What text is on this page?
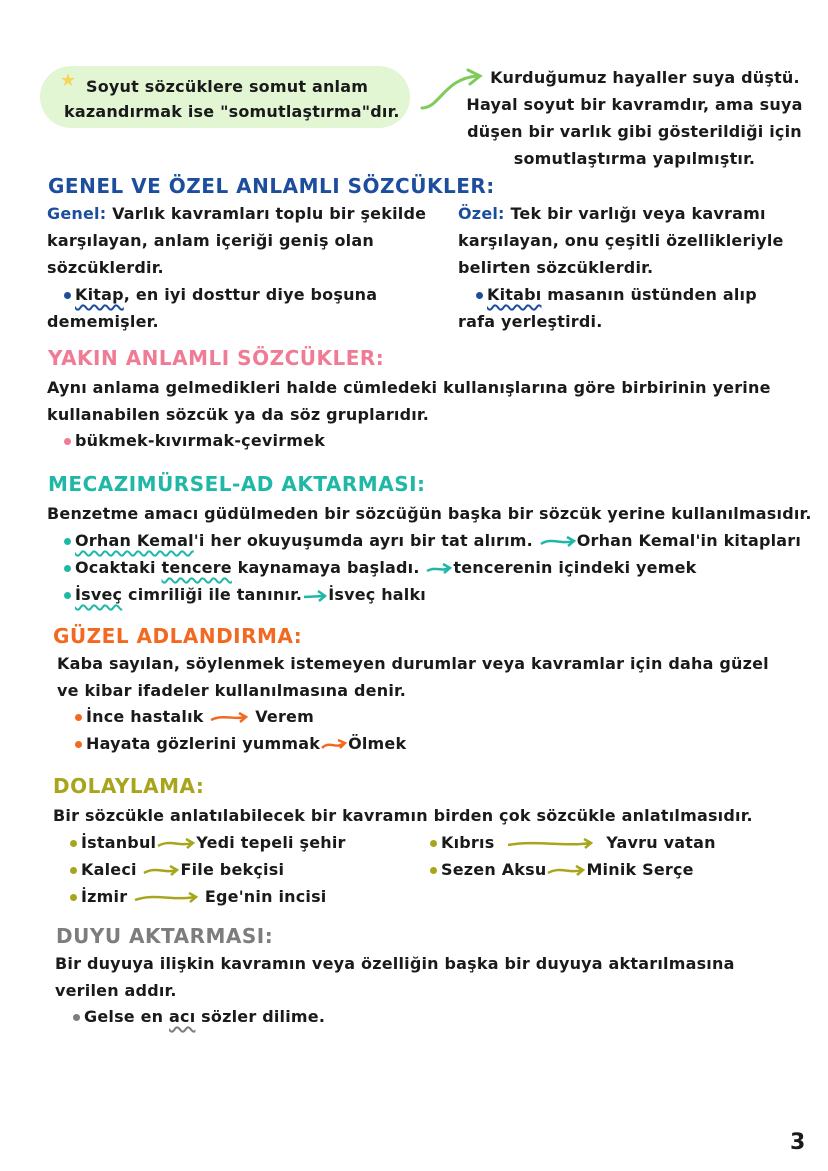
★ Soyut sözcüklere somut anlam
kazandırmak ise "somutlaştırma"dır.
Kurduğumuz hayaller suya düştü.
Hayal soyut bir kavramdır, ama suya
düşen bir varlık gibi gösterildiği için
somutlaştırma yapılmıştır.
GENEL VE ÖZEL ANLAMLI SÖZCÜKLER:
Genel: Varlık kavramları toplu bir şekilde
karşılayan, anlam içeriği geniş olan
sözcüklerdir.
Kitap, en iyi dosttur diye boşuna
dememişler.
Özel: Tek bir varlığı veya kavramı
karşılayan, onu çeşitli özellikleriyle
belirten sözcüklerdir.
Kitabı masanın üstünden alıp
rafa yerleştirdi.
YAKIN ANLAMLI SÖZCÜKLER:
Aynı anlama gelmedikleri halde cümledeki kullanışlarına göre birbirinin yerine
kullanabilen sözcük ya da söz gruplarıdır.
bükmek-kıvırmak-çevirmek
MECAZIMÜRSEL-AD AKTARMASI:
Benzetme amacı güdülmeden bir sözcüğün başka bir sözcük yerine kullanılmasıdır.
Orhan Kemal'i her okuyuşumda ayrı bir tat alırım.	Orhan Kemal'in kitapları
Ocaktaki tencere kaynamaya başladı. tencerenin içindeki yemek
İsveç cimriliği ile tanınır. İsveç halkı
GÜZEL ADLANDIRMA:
Kaba sayılan, söylenmek istemeyen durumlar veya kavramlar için daha güzel
ve kibar ifadeler kullanılmasına denir.
İnce hastalık	Verem
Hayata gözlerini yummak Ölmek
DOLAYLAMA:
Bir sözcükle anlatılabilecek bir kavramın birden çok sözcükle anlatılmasıdır.
İstanbul	Yedi tepeli şehir
Kaleci	File bekçisi
İzmir	Ege'nin incisi
Kıbrıs	Yavru vatan
Sezen Aksu	Minik Serçe
DUYU AKTARMASI:
Bir duyuya ilişkin kavramın veya özelliğin başka bir duyuya aktarılmasına
verilen addır.
Gelse en acı sözler dilime.
3
